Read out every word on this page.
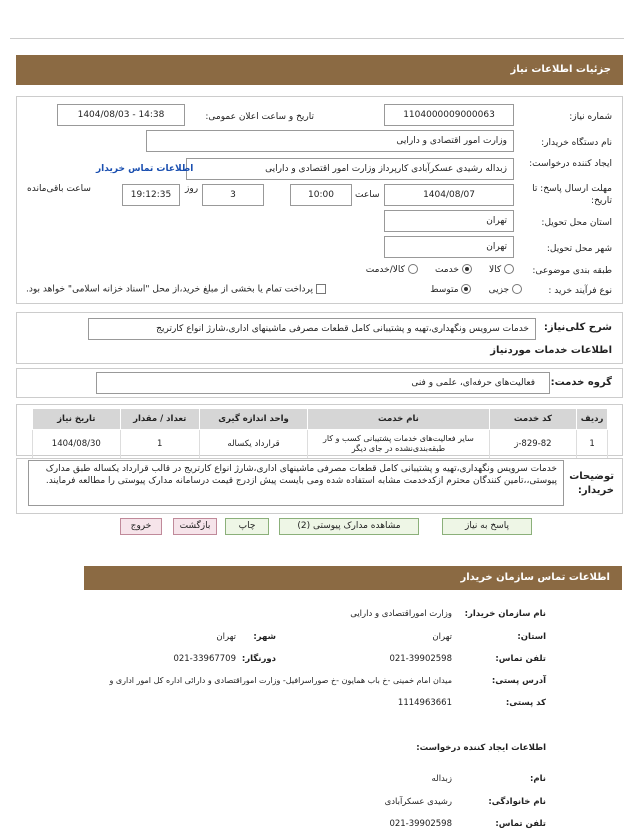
جزئیات اطلاعات نیاز
شماره نیاز:
1104000009000063
تاریخ و ساعت اعلان عمومی:
1404/08/03 - 14:38
نام دستگاه خریدار:
وزارت امور اقتصادی و دارایی
ایجاد کننده درخواست:
زبداله رشیدی عسکرآبادی کارپرداز وزارت امور اقتصادی و دارایی
اطلاعات تماس خریدار
مهلت ارسال پاسخ: تا تاریخ:
1404/08/07
ساعت
10:00
3
روز
19:12:35
ساعت باقی‌مانده
استان محل تحویل:
تهران
شهر محل تحویل:
تهران
طبقه بندی موضوعی:
کالا       خدمت       کالا/خدمت
نوع فرآیند خرید :
جزیی       متوسط
پرداخت تمام یا بخشی از مبلغ خرید،از محل "اسناد خزانه اسلامی" خواهد بود.
شرح کلی‌نیاز:
خدمات سرویس ونگهداری،تهیه و پشتیبانی کامل قطعات مصرفی ماشینهای اداری،شارژ انواع کارتریج
اطلاعات خدمات مورد‌نیاز
گروه خدمت:
فعالیت‌های حرفه‌ای، علمی و فنی
ردیف	کد خدمت	نام خدمت	واحد اندازه گیری	تعداد / مقدار	تاریخ نیاز
1	829-82-ز	سایر فعالیت‌های خدمات پشتیبانی کسب و کار طبقه‌بندی‌نشده در جای دیگر	قرارداد یکساله	1	1404/08/30
توضیحات خریدار:
خدمات سرویس ونگهداری،تهیه و پشتیبانی کامل قطعات مصرفی ماشینهای اداری،شارژ انواع کارتریج در قالب قرارداد یکساله طبق مدارک پیوستی،،تامین کنندگان محترم ازکدخدمت مشابه استفاده شده ومی بایست پیش ازدرج قیمت درسامانه مدارک پیوستی را مطالعه فرمایند.
پاسخ به نیاز
مشاهده مدارک پیوستی (2)
چاپ
بازگشت
خروج
اطلاعات تماس سازمان خریدار
نام سازمان خریدار:
وزارت اموراقتصادی و دارایی
استان:
تهران
شهر:
تهران
تلفن تماس:
021-39902598
دورنگار:
021-33967709
آدرس پستی:
میدان امام خمینی -خ باب همایون -خ صوراسرافیل- وزارت اموراقتصادی و دارائی اداره کل امور اداری و
کد پستی:
1114963661
اطلاعات ایجاد کننده درخواست:
نام:
زبداله
نام خانوادگی:
رشیدی عسکرآبادی
تلفن تماس:
021-39902598
